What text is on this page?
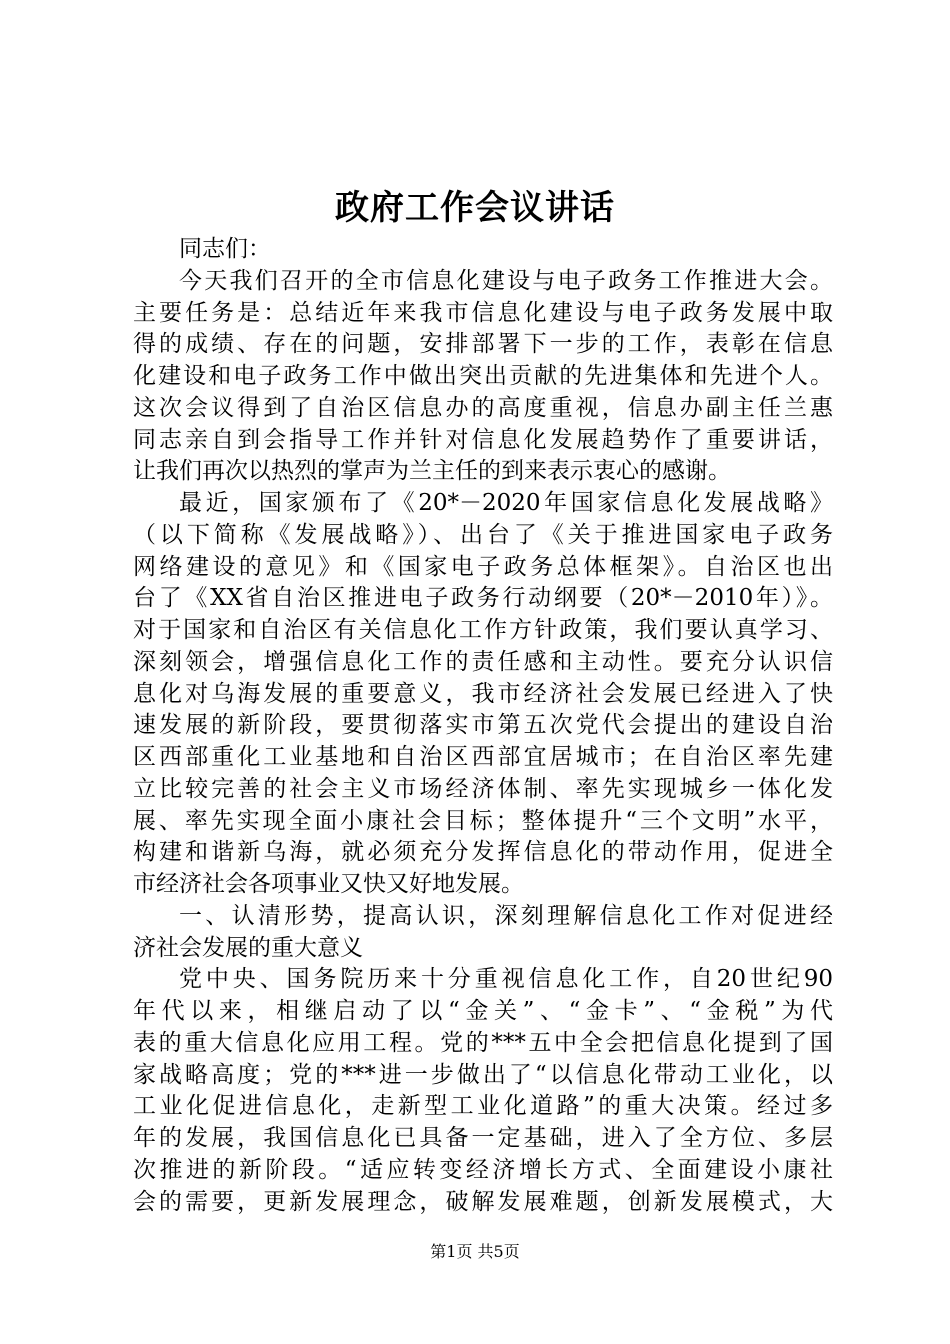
政府工作会议讲话
同志们：
今天我们召开的全市信息化建设与电子政务工作推进大会。
主要任务是：总结近年来我市信息化建设与电子政务发展中取
得的成绩、存在的问题，安排部署下一步的工作，表彰在信息
化建设和电子政务工作中做出突出贡献的先进集体和先进个人。
这次会议得到了自治区信息办的高度重视，信息办副主任兰惠
同志亲自到会指导工作并针对信息化发展趋势作了重要讲话，
让我们再次以热烈的掌声为兰主任的到来表示衷心的感谢。
最近，国家颁布了《20*－2020年国家信息化发展战略》
（以下简称《发展战略》）、出台了《关于推进国家电子政务
网络建设的意见》和《国家电子政务总体框架》。自治区也出
台了《XX省自治区推进电子政务行动纲要（20*－2010年）》。
对于国家和自治区有关信息化工作方针政策，我们要认真学习、
深刻领会，增强信息化工作的责任感和主动性。要充分认识信
息化对乌海发展的重要意义，我市经济社会发展已经进入了快
速发展的新阶段，要贯彻落实市第五次党代会提出的建设自治
区西部重化工业基地和自治区西部宜居城市；在自治区率先建
立比较完善的社会主义市场经济体制、率先实现城乡一体化发
展、率先实现全面小康社会目标；整体提升“三个文明”水平，
构建和谐新乌海，就必须充分发挥信息化的带动作用，促进全
市经济社会各项事业又快又好地发展。
一、认清形势，提高认识，深刻理解信息化工作对促进经
济社会发展的重大意义
党中央、国务院历来十分重视信息化工作，自20世纪90
年代以来，相继启动了以“金关”、“金卡”、“金税”为代
表的重大信息化应用工程。党的***五中全会把信息化提到了国
家战略高度；党的***进一步做出了“以信息化带动工业化，以
工业化促进信息化，走新型工业化道路”的重大决策。经过多
年的发展，我国信息化已具备一定基础，进入了全方位、多层
次推进的新阶段。“适应转变经济增长方式、全面建设小康社
会的需要，更新发展理念，破解发展难题，创新发展模式，大
第1页 共5页
